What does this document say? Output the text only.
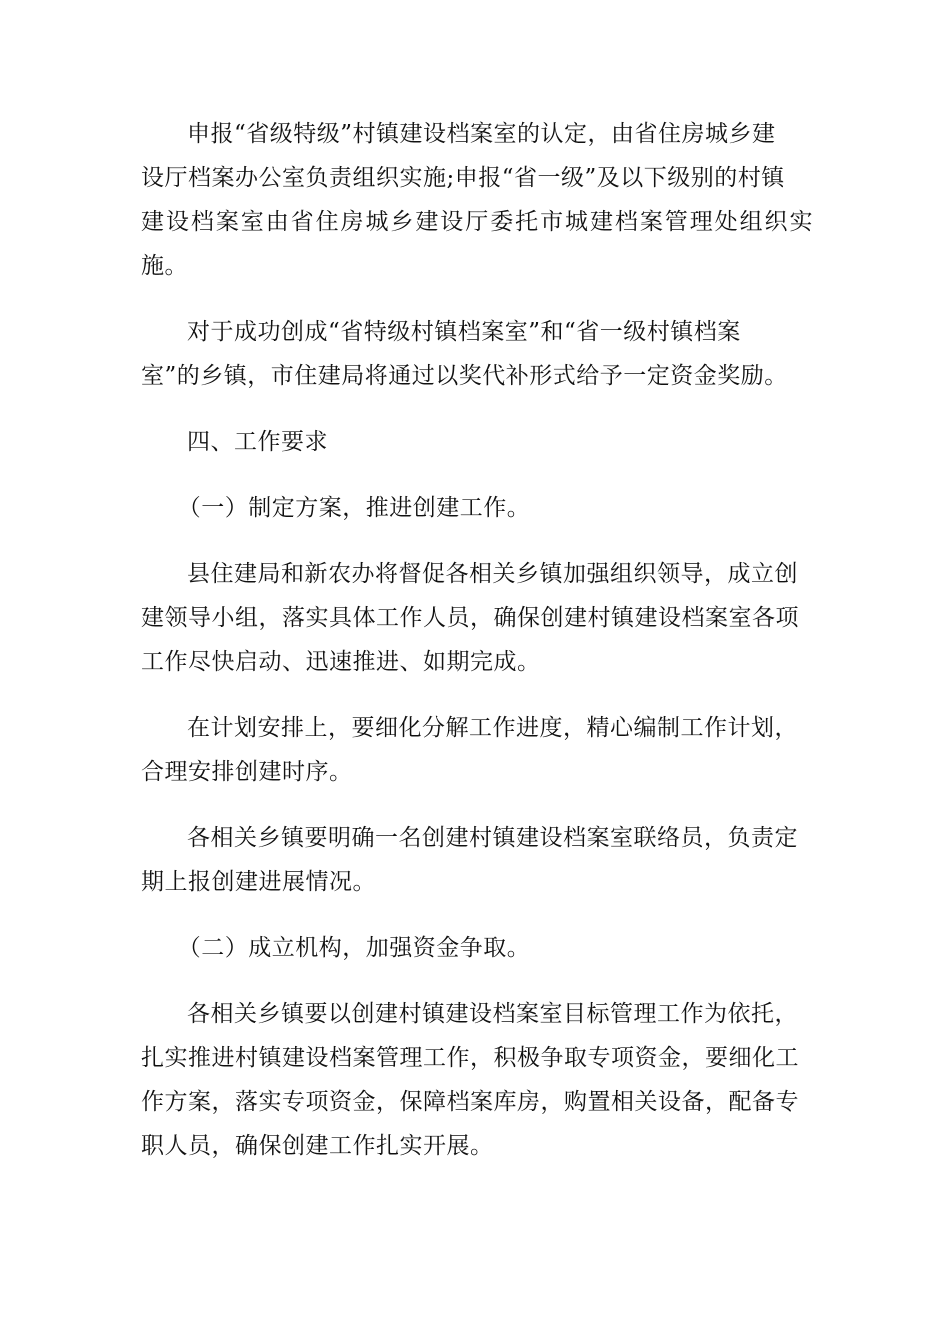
申报“省级特级”村镇建设档案室的认定，由省住房城乡建
设厅档案办公室负责组织实施;申报“省一级”及以下级别的村镇
建设档案室由省住房城乡建设厅委托市城建档案管理处组织实施。
对于成功创成“省特级村镇档案室”和“省一级村镇档案
室”的乡镇，市住建局将通过以奖代补形式给予一定资金奖励。
四、工作要求
（一）制定方案，推进创建工作。
县住建局和新农办将督促各相关乡镇加强组织领导，成立创
建领导小组，落实具体工作人员，确保创建村镇建设档案室各项
工作尽快启动、迅速推进、如期完成。
在计划安排上，要细化分解工作进度，精心编制工作计划，
合理安排创建时序。
各相关乡镇要明确一名创建村镇建设档案室联络员，负责定
期上报创建进展情况。
（二）成立机构，加强资金争取。
各相关乡镇要以创建村镇建设档案室目标管理工作为依托，
扎实推进村镇建设档案管理工作，积极争取专项资金，要细化工
作方案，落实专项资金，保障档案库房，购置相关设备，配备专
职人员，确保创建工作扎实开展。
